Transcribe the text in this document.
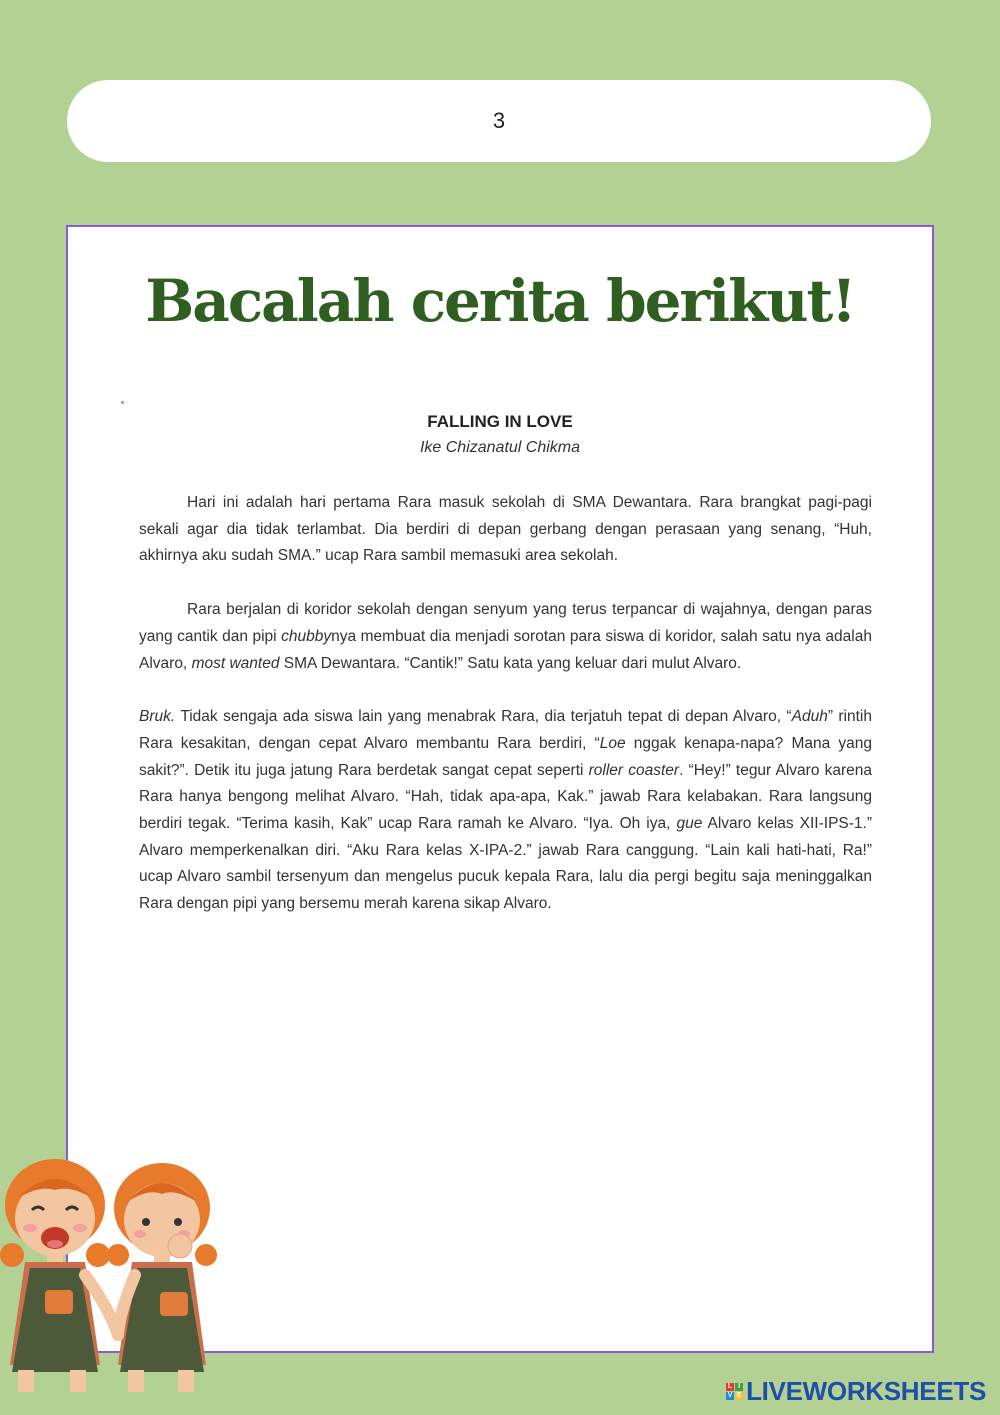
3
Bacalah cerita berikut!
FALLING IN LOVE
Ike Chizanatul Chikma

Hari ini adalah hari pertama Rara masuk sekolah di SMA Dewantara. Rara brangkat pagi-pagi sekali agar dia tidak terlambat. Dia berdiri di depan gerbang dengan perasaan yang senang, “Huh, akhirnya aku sudah SMA.” ucap Rara sambil memasuki area sekolah.

Rara berjalan di koridor sekolah dengan senyum yang terus terpancar di wajahnya, dengan paras yang cantik dan pipi chubbynya membuat dia menjadi sorotan para siswa di koridor, salah satu nya adalah Alvaro, most wanted SMA Dewantara. “Cantik!” Satu kata yang keluar dari mulut Alvaro.

Bruk. Tidak sengaja ada siswa lain yang menabrak Rara, dia terjatuh tepat di depan Alvaro, “Aduh” rintih Rara kesakitan, dengan cepat Alvaro membantu Rara berdiri, “Loe nggak kenapa-napa? Mana yang sakit?”. Detik itu juga jatung Rara berdetak sangat cepat seperti roller coaster. “Hey!” tegur Alvaro karena Rara hanya bengong melihat Alvaro. “Hah, tidak apa-apa, Kak.” jawab Rara kelabakan. Rara langsung berdiri tegak. “Terima kasih, Kak” ucap Rara ramah ke Alvaro. “Iya. Oh iya, gue Alvaro kelas XII-IPS-1.” Alvaro memperkenalkan diri. “Aku Rara kelas X-IPA-2.” jawab Rara canggung. “Lain kali hati-hati, Ra!” ucap Alvaro sambil tersenyum dan mengelus pucuk kepala Rara, lalu dia pergi begitu saja meninggalkan Rara dengan pipi yang bersemu merah karena sikap Alvaro.

L I
V E LIVEWORKSHEETS
